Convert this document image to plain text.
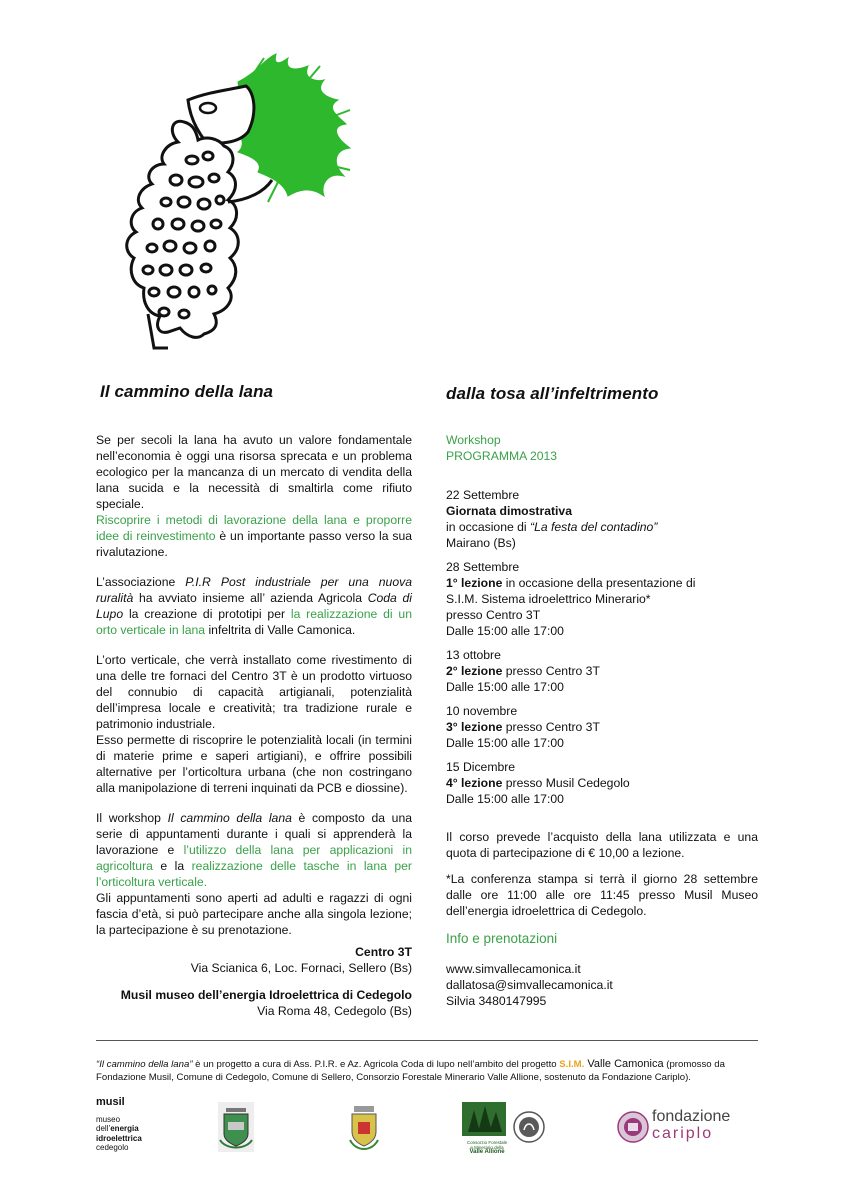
Il cammino della lana	dalla tosa all’infeltrimento

Se per secoli la lana ha avuto un valore fondamentale nell’economia è oggi una risorsa sprecata e un problema ecologico per la mancanza di un mercato di vendita della lana sucida e la necessità di smaltirla come rifiuto speciale.
Riscoprire i metodi di lavorazione della lana e proporre idee di reinvestimento è un importante passo verso la sua rivalutazione.

L’associazione P.I.R Post industriale per una nuova ruralità ha avviato insieme all’ azienda Agricola Coda di Lupo la creazione di prototipi per la realizzazione di un orto verticale in lana infeltrita di Valle Camonica.

L’orto verticale, che verrà installato come rivestimento di una delle tre fornaci del Centro 3T è un prodotto virtuoso del connubio di capacità artigianali, potenzialità dell’impresa locale e creatività; tra tradizione rurale e patrimonio industriale.

Esso permette di riscoprire le potenzialità locali (in termini di materie prime e saperi artigiani), e offrire possibili alternative per l’orticoltura urbana (che non costringano alla manipolazione di terreni inquinati da PCB e diossine).

Il workshop Il cammino della lana è composto da una serie di appuntamenti durante i quali si apprenderà la lavorazione e l’utilizzo della lana per applicazioni in agricoltura e la realizzazione delle tasche in lana per l’orticoltura verticale.

Gli appuntamenti sono aperti ad adulti e ragazzi di ogni fascia d’età, si può partecipare anche alla singola lezione; la partecipazione è su prenotazione.

Centro 3T
Via Scianica 6, Loc. Fornaci, Sellero (Bs)
Musil museo dell’energia Idroelettrica di Cedegolo
Via Roma 48, Cedegolo (Bs)
Workshop
PROGRAMMA 2013
22 Settembre
Giornata dimostrativa
in occasione di “La festa del contadino”
Mairano (Bs)
28 Settembre
1° lezione in occasione della presentazione di
S.I.M. Sistema idroelettrico Minerario*
presso Centro 3T
Dalle 15:00 alle 17:00
13 ottobre
2° lezione presso Centro 3T
Dalle 15:00 alle 17:00
10 novembre
3° lezione presso Centro 3T
Dalle 15:00 alle 17:00
15 Dicembre
4° lezione presso Musil Cedegolo
Dalle 15:00 alle 17:00

Il corso prevede l’acquisto della lana utilizzata e una quota di partecipazione di € 10,00 a lezione.

*La conferenza stampa si terrà il giorno 28 settembre dalle ore 11:00 alle ore 11:45 presso Musil Museo dell’energia idroelettrica di Cedegolo.

Info e prenotazioni
www.simvallecamonica.it
dallatosa@simvallecamonica.it
Silvia 3480147995
“Il cammino della lana” è un progetto a cura di Ass. P.I.R. e Az. Agricola Coda di lupo nell’ambito del progetto S.I.M. Valle Camonica (promosso da Fondazione Musil, Comune di Cedegolo, Comune di Sellero, Consorzio Forestale Minerario Valle Allione, sostenuto da Fondazione Cariplo).
musil
museo
dell’energia
idroelettrica
cedegolo
Consorzio Forestale
e Minerario della
Valle Allione
fondazione
cariplo
